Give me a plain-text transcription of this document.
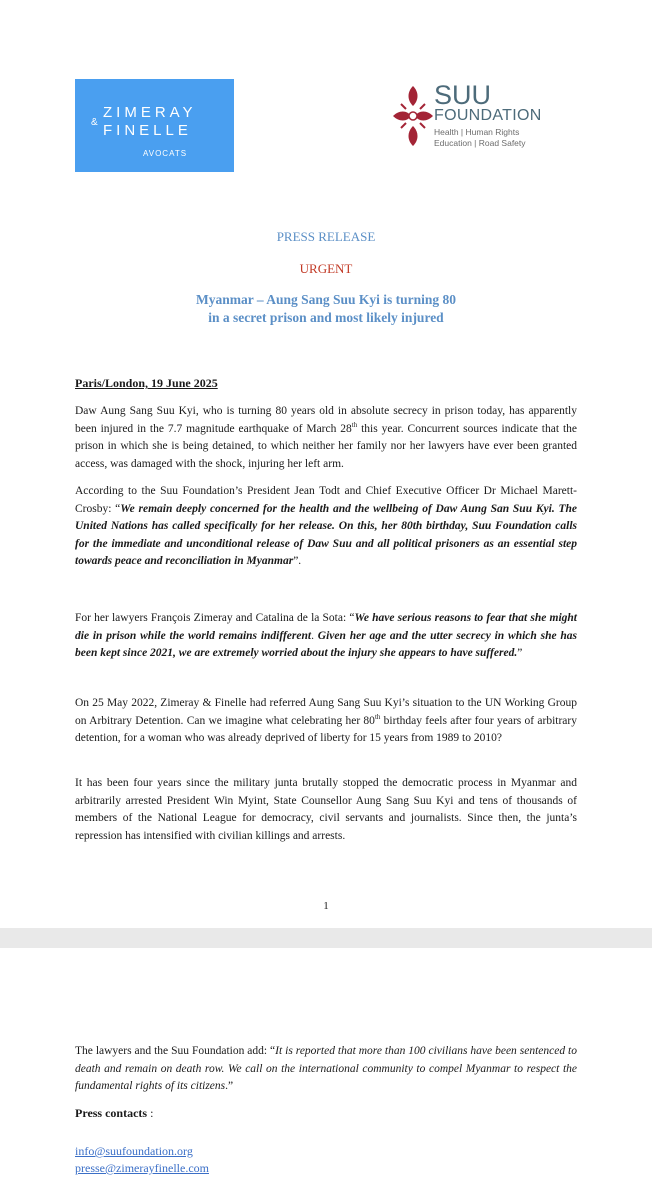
&
ZIMERAY
FINELLE
AVOCATS
SUU
FOUNDATION
Health | Human Rights
Education | Road Safety
PRESS RELEASE
URGENT
Myanmar – Aung Sang Suu Kyi is turning 80
in a secret prison and most likely injured
Paris/London, 19 June 2025

Daw Aung Sang Suu Kyi, who is turning 80 years old in absolute secrecy in prison today, has apparently been injured in the 7.7 magnitude earthquake of March 28th this year. Concurrent sources indicate that the prison in which she is being detained, to which neither her family nor her lawyers have ever been granted access, was damaged with the shock, injuring her left arm.

According to the Suu Foundation’s President Jean Todt and Chief Executive Officer Dr Michael Marett- Crosby: “We remain deeply concerned for the health and the wellbeing of Daw Aung San Suu Kyi. The United Nations has called specifically for her release. On this, her 80th birthday, Suu Foundation calls for the immediate and unconditional release of Daw Suu and all political prisoners as an essential step towards peace and reconciliation in Myanmar”.

For her lawyers François Zimeray and Catalina de la Sota: “We have serious reasons to fear that she might die in prison while the world remains indifferent. Given her age and the utter secrecy in which she has been kept since 2021, we are extremely worried about the injury she appears to have suffered.”

On 25 May 2022, Zimeray & Finelle had referred Aung Sang Suu Kyi’s situation to the UN Working Group on Arbitrary Detention. Can we imagine what celebrating her 80th birthday feels after four years of arbitrary detention, for a woman who was already deprived of liberty for 15 years from 1989 to 2010?

It has been four years since the military junta brutally stopped the democratic process in Myanmar and arbitrarily arrested President Win Myint, State Counsellor Aung Sang Suu Kyi and tens of thousands of members of the National League for democracy, civil servants and journalists. Since then, the junta’s repression has intensified with civilian killings and arrests.

1

The lawyers and the Suu Foundation add: “It is reported that more than 100 civilians have been sentenced to death and remain on death row. We call on the international community to compel Myanmar to respect the fundamental rights of its citizens.”

Press contacts :
info@suufoundation.org
presse@zimerayfinelle.com
